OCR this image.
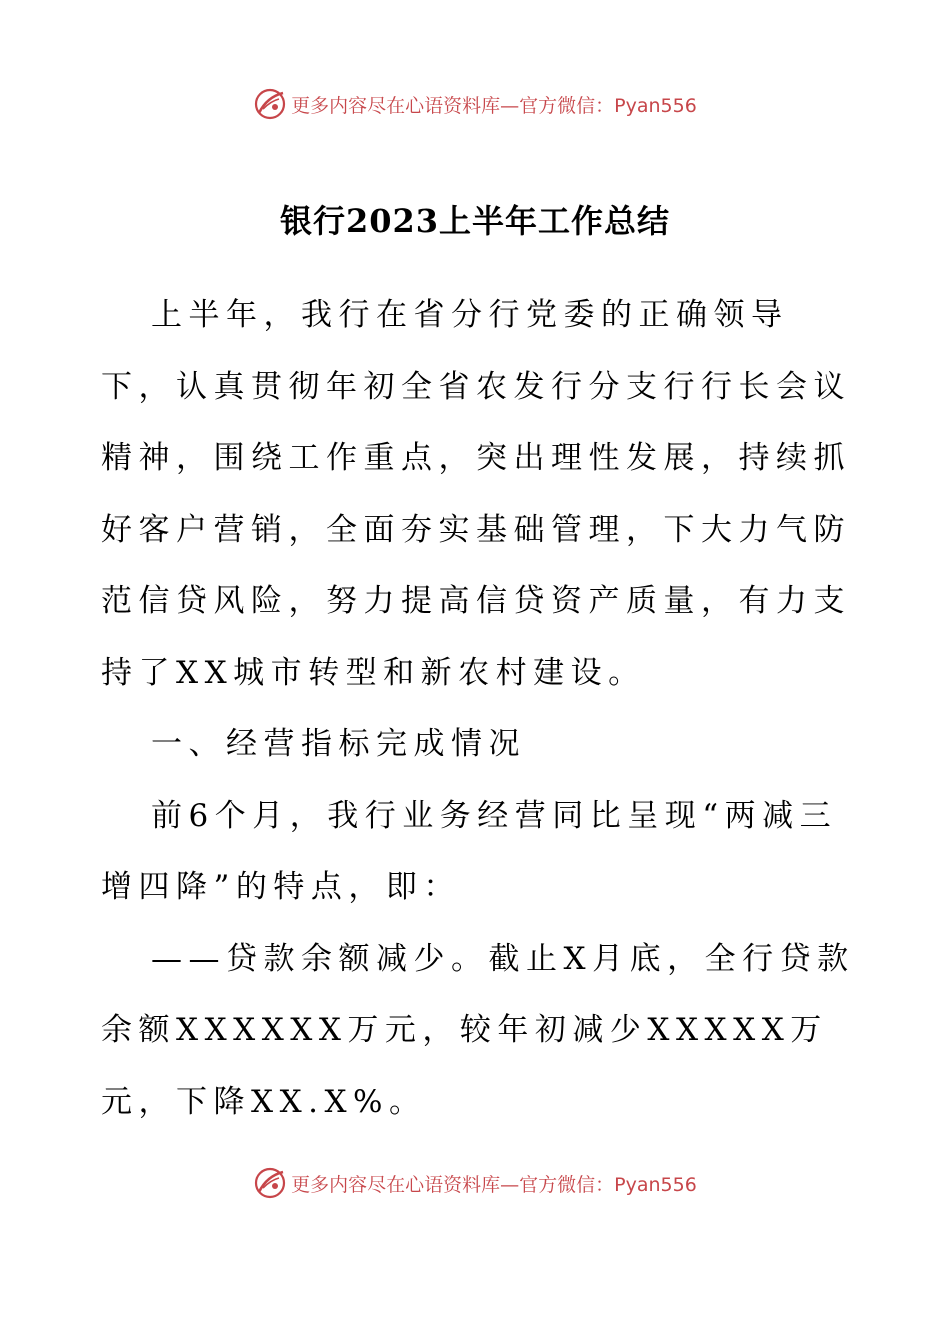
更多内容尽在心语资料库—官方微信：Pyan556
银行2023上半年工作总结

上半年，我行在省分行党委的正确领导下，认真贯彻年初全省农发行分支行行长会议精神，围绕工作重点，突出理性发展，持续抓好客户营销，全面夯实基础管理，下大力气防范信贷风险，努力提高信贷资产质量，有力支持了XX城市转型和新农村建设。

一、经营指标完成情况

前6个月，我行业务经营同比呈现“两减三增四降”的特点，即：

——贷款余额减少。截止X月底，全行贷款余额XXXXXX万元，较年初减少XXXXX万元，下降XX.X%。

更多内容尽在心语资料库—官方微信：Pyan556
